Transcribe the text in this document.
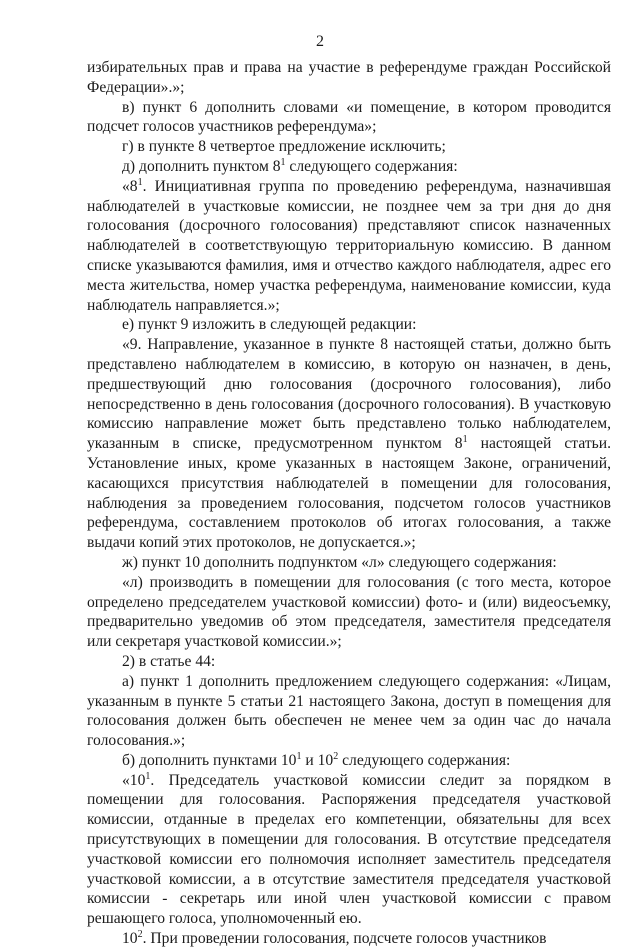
2

избирательных прав и права на участие в референдуме граждан Российской Федерации».»;

в) пункт 6 дополнить словами «и помещение, в котором проводится подсчет голосов участников референдума»;

г) в пункте 8 четвертое предложение исключить;

д) дополнить пунктом $8^1$ следующего содержания:

«$8^1$. Инициативная группа по проведению референдума, назначившая наблюдателей в участковые комиссии, не позднее чем за три дня до дня голосования (досрочного голосования) представляют список назначенных наблюдателей в соответствующую территориальную комиссию. В данном списке указываются фамилия, имя и отчество каждого наблюдателя, адрес его места жительства, номер участка референдума, наименование комиссии, куда наблюдатель направляется.»;

е) пункт 9 изложить в следующей редакции:

«9. Направление, указанное в пункте 8 настоящей статьи, должно быть представлено наблюдателем в комиссию, в которую он назначен, в день, предшествующий дню голосования (досрочного голосования), либо непосредственно в день голосования (досрочного голосования). В участковую комиссию направление может быть представлено только наблюдателем, указанным в списке, предусмотренном пунктом $8^1$ настоящей статьи. Установление иных, кроме указанных в настоящем Законе, ограничений, касающихся присутствия наблюдателей в помещении для голосования, наблюдения за проведением голосования, подсчетом голосов участников референдума, составлением протоколов об итогах голосования, а также выдачи копий этих протоколов, не допускается.»;

ж) пункт 10 дополнить подпунктом «л» следующего содержания:

«л) производить в помещении для голосования (с того места, которое определено председателем участковой комиссии) фото- и (или) видеосъемку, предварительно уведомив об этом председателя, заместителя председателя или секретаря участковой комиссии.»;

2) в статье 44:

а) пункт 1 дополнить предложением следующего содержания: «Лицам, указанным в пункте 5 статьи 21 настоящего Закона, доступ в помещения для голосования должен быть обеспечен не менее чем за один час до начала голосования.»;

б) дополнить пунктами $10^1$ и $10^2$ следующего содержания:

«$10^1$. Председатель участковой комиссии следит за порядком в помещении для голосования. Распоряжения председателя участковой комиссии, отданные в пределах его компетенции, обязательны для всех присутствующих в помещении для голосования. В отсутствие председателя участковой комиссии его полномочия исполняет заместитель председателя участковой комиссии, а в отсутствие заместителя председателя участковой комиссии - секретарь или иной член участковой комиссии с правом решающего голоса, уполномоченный ею.

$10^2$. При проведении голосования, подсчете голосов участников
